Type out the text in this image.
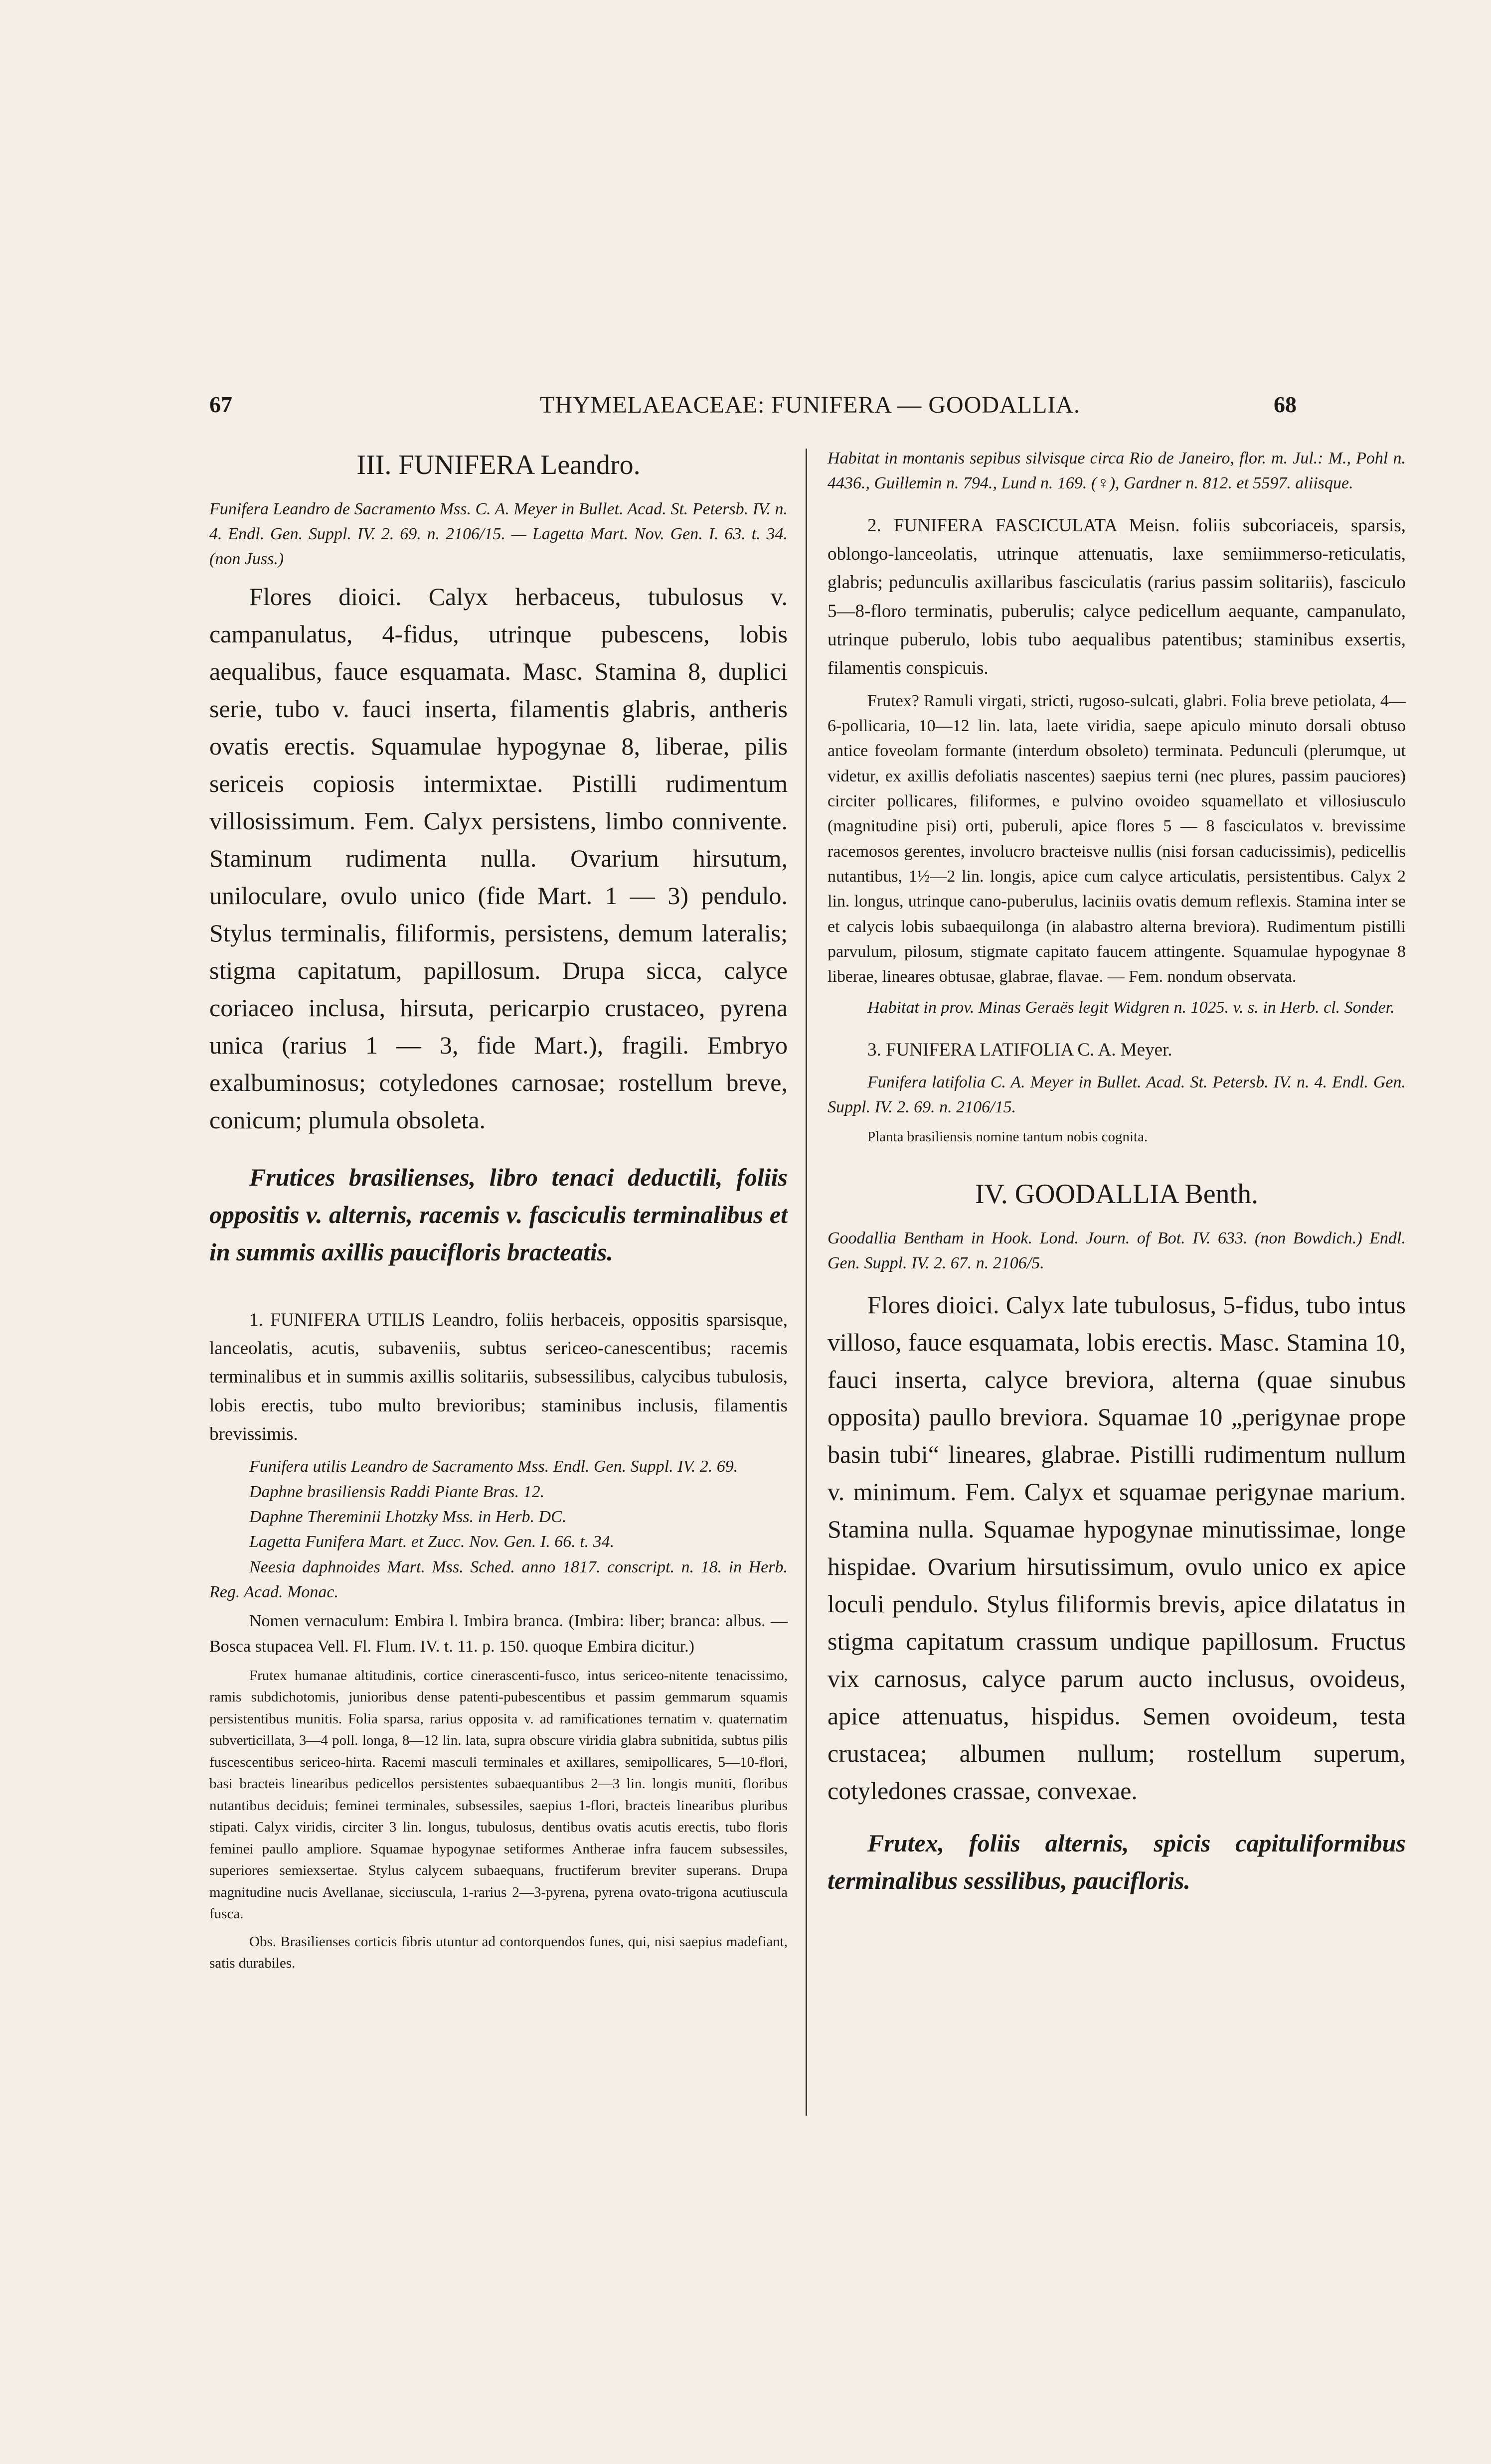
67	THYMELAEACEAE: FUNIFERA — GOODALLIA.	68
III. FUNIFERA Leandro.

Funifera Leandro de Sacramento Mss. C. A. Meyer in Bullet. Acad. St. Petersb. IV. n. 4. Endl. Gen. Suppl. IV. 2. 69. n. 2106/15. — Lagetta Mart. Nov. Gen. I. 63. t. 34. (non Juss.)

Flores dioici. Calyx herbaceus, tubulosus v. campanulatus, 4-fidus, utrinque pubescens, lobis aequalibus, fauce esquamata. Masc. Stamina 8, duplici serie, tubo v. fauci inserta, filamentis glabris, antheris ovatis erectis. Squamulae hypogynae 8, liberae, pilis sericeis copiosis intermixtae. Pistilli rudimentum villosissimum. Fem. Calyx persistens, limbo connivente. Staminum rudimenta nulla. Ovarium hirsutum, uniloculare, ovulo unico (fide Mart. 1 — 3) pendulo. Stylus terminalis, filiformis, persistens, demum lateralis; stigma capitatum, papillosum. Drupa sicca, calyce coriaceo inclusa, hirsuta, pericarpio crustaceo, pyrena unica (rarius 1 — 3, fide Mart.), fragili. Embryo exalbuminosus; cotyledones carnosae; rostellum breve, conicum; plumula obsoleta.

Frutices brasilienses, libro tenaci deductili, foliis oppositis v. alternis, racemis v. fasciculis terminalibus et in summis axillis paucifloris bracteatis.

1. FUNIFERA UTILIS Leandro, foliis herbaceis, oppositis sparsisque, lanceolatis, acutis, subaveniis, subtus sericeo-canescentibus; racemis terminalibus et in summis axillis solitariis, subsessilibus, calycibus tubulosis, lobis erectis, tubo multo brevioribus; staminibus inclusis, filamentis brevissimis.

Funifera utilis Leandro de Sacramento Mss. Endl. Gen. Suppl. IV. 2. 69.

Daphne brasiliensis Raddi Piante Bras. 12.

Daphne Thereminii Lhotzky Mss. in Herb. DC.

Lagetta Funifera Mart. et Zucc. Nov. Gen. I. 66. t. 34.

Neesia daphnoides Mart. Mss. Sched. anno 1817. conscript. n. 18. in Herb. Reg. Acad. Monac.

Nomen vernaculum: Embira l. Imbira branca. (Imbira: liber; branca: albus. — Bosca stupacea Vell. Fl. Flum. IV. t. 11. p. 150. quoque Embira dicitur.)

Frutex humanae altitudinis, cortice cinerascenti-fusco, intus sericeo-nitente tenacissimo, ramis subdichotomis, junioribus dense patenti-pubescentibus et passim gemmarum squamis persistentibus munitis. Folia sparsa, rarius opposita v. ad ramificationes ternatim v. quaternatim subverticillata, 3—4 poll. longa, 8—12 lin. lata, supra obscure viridia glabra subnitida, subtus pilis fuscescentibus sericeo-hirta. Racemi masculi terminales et axillares, semipollicares, 5—10-flori, basi bracteis linearibus pedicellos persistentes subaequantibus 2—3 lin. longis muniti, floribus nutantibus deciduis; feminei terminales, subsessiles, saepius 1-flori, bracteis linearibus pluribus stipati. Calyx viridis, circiter 3 lin. longus, tubulosus, dentibus ovatis acutis erectis, tubo floris feminei paullo ampliore. Squamae hypogynae setiformes Antherae infra faucem subsessiles, superiores semiexsertae. Stylus calycem subaequans, fructiferum breviter superans. Drupa magnitudine nucis Avellanae, sicciuscula, 1-rarius 2—3-pyrena, pyrena ovato-trigona acutiuscula fusca.

Obs. Brasilienses corticis fibris utuntur ad contorquendos funes, qui, nisi saepius madefiant, satis durabiles.

Habitat in montanis sepibus silvisque circa Rio de Janeiro, flor. m. Jul.: M., Pohl n. 4436., Guillemin n. 794., Lund n. 169. (♀), Gardner n. 812. et 5597. aliisque.

2. FUNIFERA FASCICULATA Meisn. foliis subcoriaceis, sparsis, oblongo-lanceolatis, utrinque attenuatis, laxe semiimmerso-reticulatis, glabris; pedunculis axillaribus fasciculatis (rarius passim solitariis), fasciculo 5—8-floro terminatis, puberulis; calyce pedicellum aequante, campanulato, utrinque puberulo, lobis tubo aequalibus patentibus; staminibus exsertis, filamentis conspicuis.

Frutex? Ramuli virgati, stricti, rugoso-sulcati, glabri. Folia breve petiolata, 4—6-pollicaria, 10—12 lin. lata, laete viridia, saepe apiculo minuto dorsali obtuso antice foveolam formante (interdum obsoleto) terminata. Pedunculi (plerumque, ut videtur, ex axillis defoliatis nascentes) saepius terni (nec plures, passim pauciores) circiter pollicares, filiformes, e pulvino ovoideo squamellato et villosiusculo (magnitudine pisi) orti, puberuli, apice flores 5 — 8 fasciculatos v. brevissime racemosos gerentes, involucro bracteisve nullis (nisi forsan caducissimis), pedicellis nutantibus, 1½—2 lin. longis, apice cum calyce articulatis, persistentibus. Calyx 2 lin. longus, utrinque cano-puberulus, laciniis ovatis demum reflexis. Stamina inter se et calycis lobis subaequilonga (in alabastro alterna breviora). Rudimentum pistilli parvulum, pilosum, stigmate capitato faucem attingente. Squamulae hypogynae 8 liberae, lineares obtusae, glabrae, flavae. — Fem. nondum observata.

Habitat in prov. Minas Geraës legit Widgren n. 1025. v. s. in Herb. cl. Sonder.

3. FUNIFERA LATIFOLIA C. A. Meyer.

Funifera latifolia C. A. Meyer in Bullet. Acad. St. Petersb. IV. n. 4. Endl. Gen. Suppl. IV. 2. 69. n. 2106/15.

Planta brasiliensis nomine tantum nobis cognita.

IV. GOODALLIA Benth.

Goodallia Bentham in Hook. Lond. Journ. of Bot. IV. 633. (non Bowdich.) Endl. Gen. Suppl. IV. 2. 67. n. 2106/5.

Flores dioici. Calyx late tubulosus, 5-fidus, tubo intus villoso, fauce esquamata, lobis erectis. Masc. Stamina 10, fauci inserta, calyce breviora, alterna (quae sinubus opposita) paullo breviora. Squamae 10 „perigynae prope basin tubi“ lineares, glabrae. Pistilli rudimentum nullum v. minimum. Fem. Calyx et squamae perigynae marium. Stamina nulla. Squamae hypogynae minutissimae, longe hispidae. Ovarium hirsutissimum, ovulo unico ex apice loculi pendulo. Stylus filiformis brevis, apice dilatatus in stigma capitatum crassum undique papillosum. Fructus vix carnosus, calyce parum aucto inclusus, ovoideus, apice attenuatus, hispidus. Semen ovoideum, testa crustacea; albumen nullum; rostellum superum, cotyledones crassae, convexae.

Frutex, foliis alternis, spicis capituliformibus terminalibus sessilibus, paucifloris.
